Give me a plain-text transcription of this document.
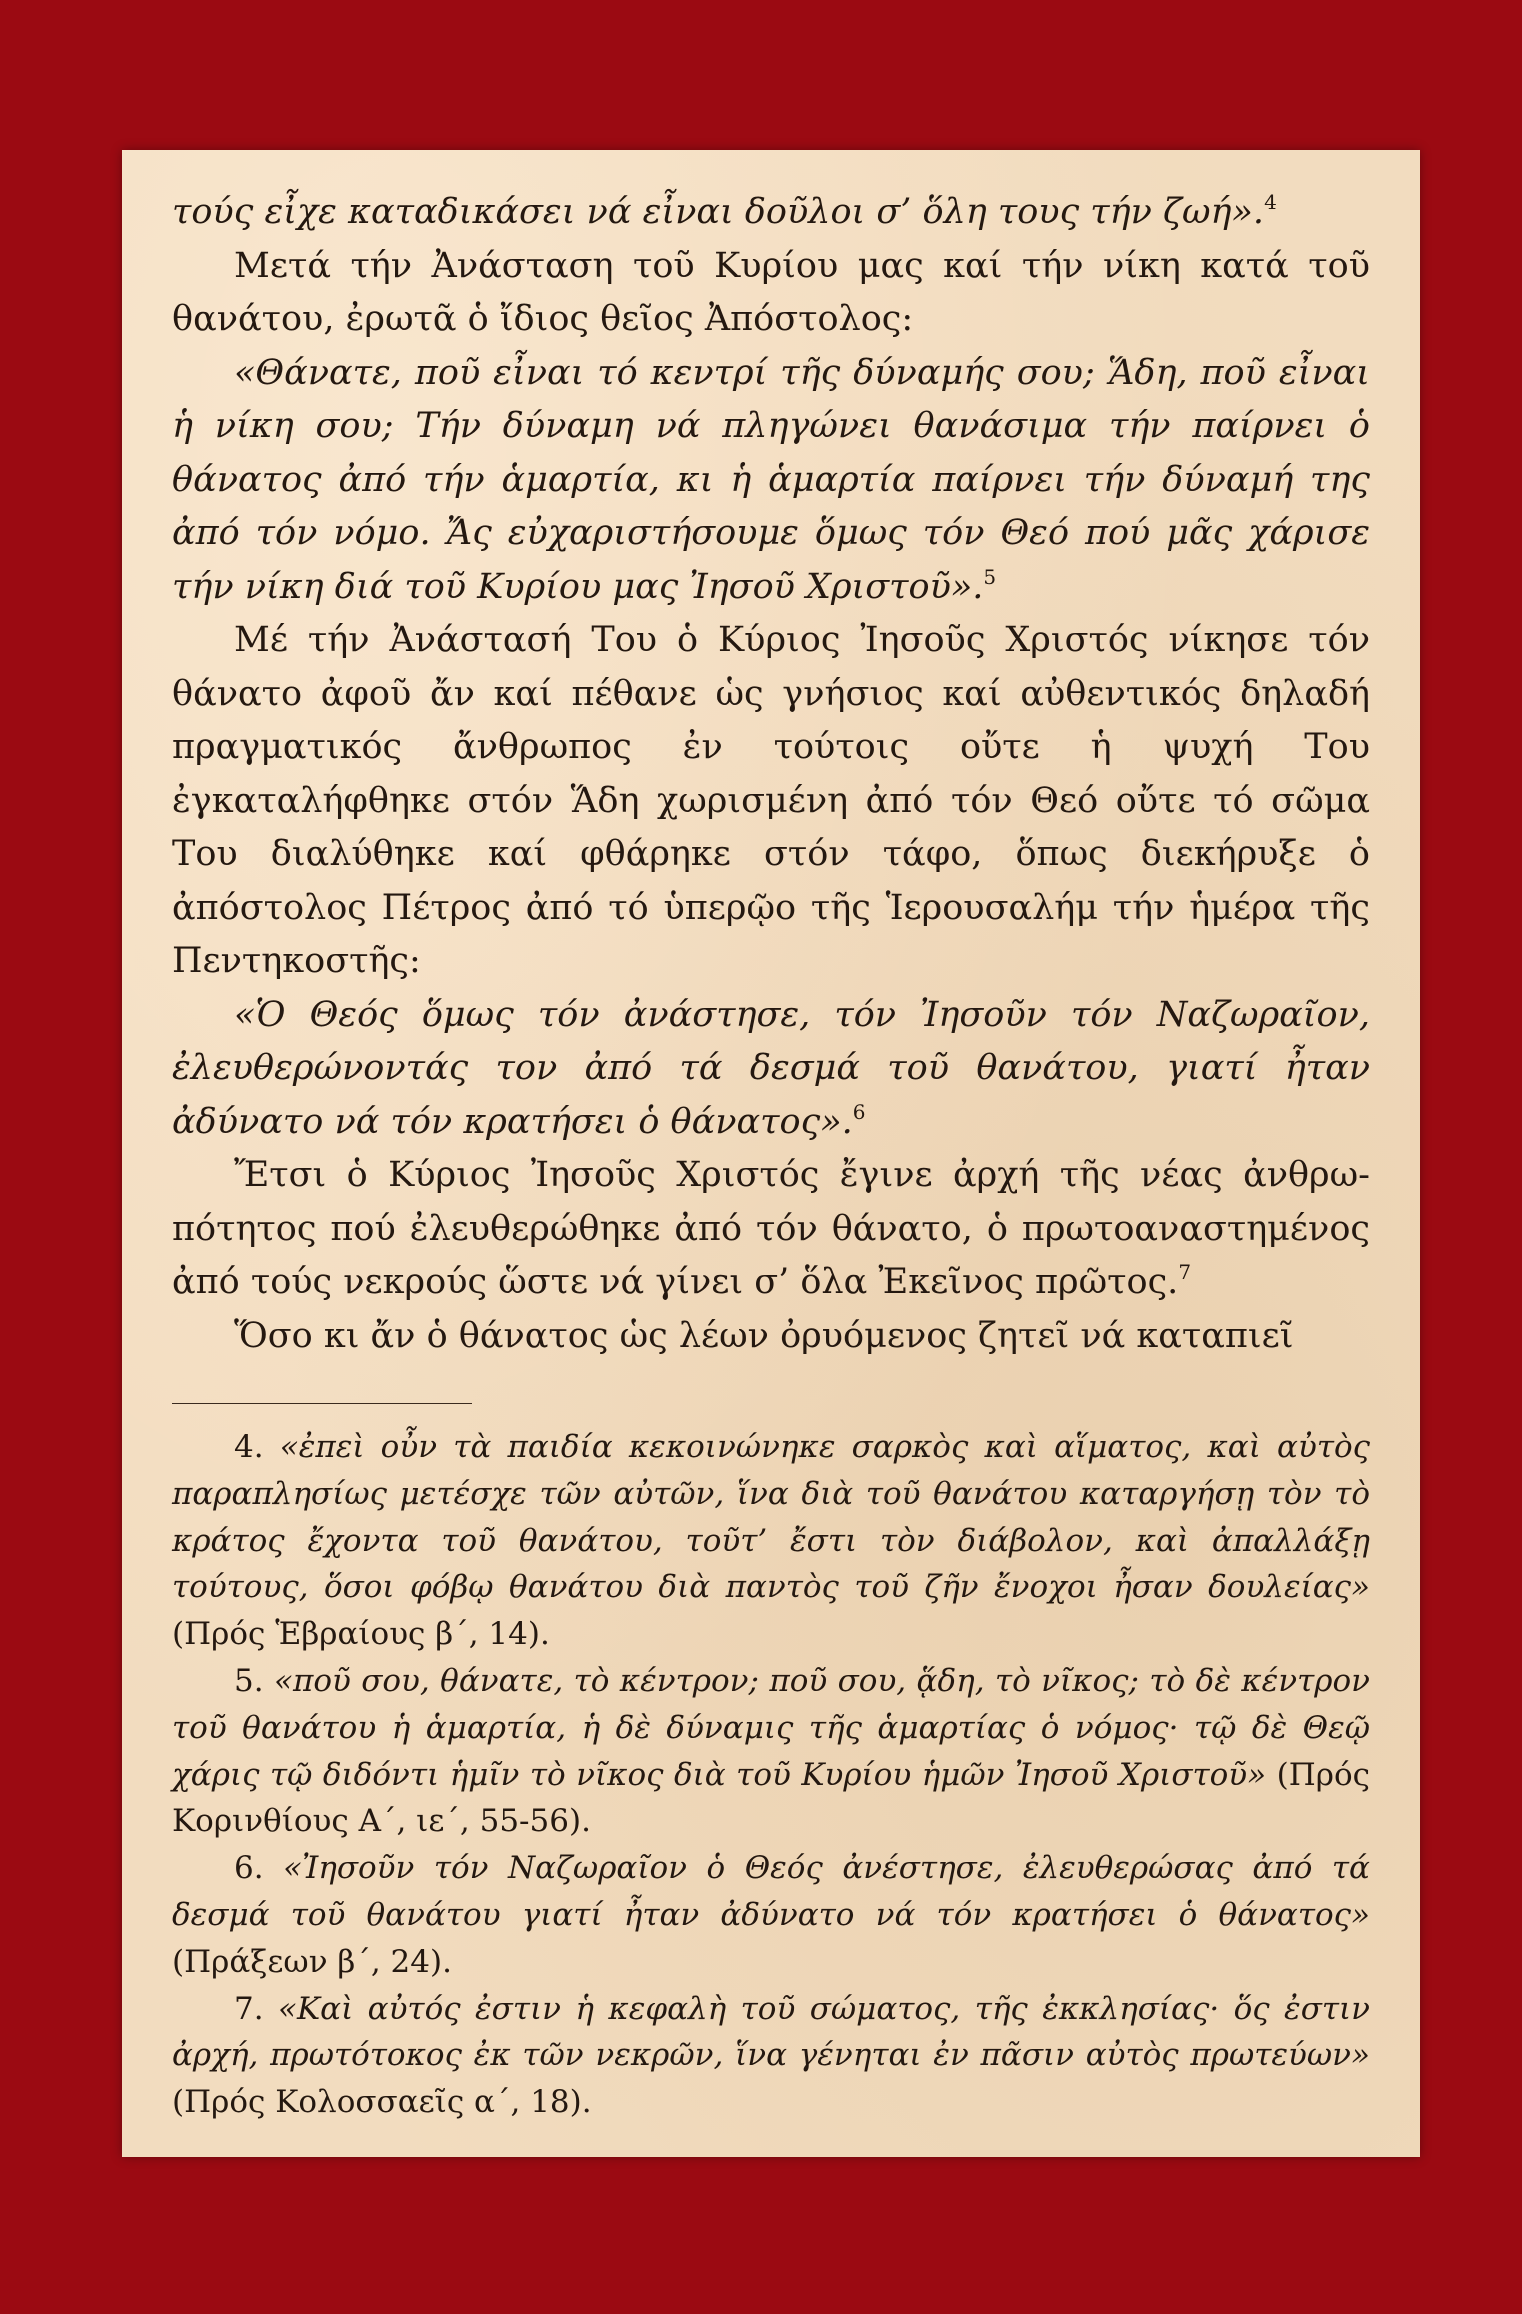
τούς εἶχε καταδικάσει νά εἶναι δοῦλοι σ’ ὅλη τους τήν ζωή».$^4$

Μετά τήν Ἀνάσταση τοῦ Κυρίου μας καί τήν νίκη κατά τοῦ θανάτου, ἐρωτᾶ ὁ ἴδιος θεῖος Ἀπόστολος:

«Θάνατε, ποῦ εἶναι τό κεντρί τῆς δύναμής σου; Ἅδη, ποῦ εἶναι ἡ νίκη σου; Τήν δύναμη νά πληγώνει θανάσιμα τήν παίρνει ὁ θάνατος ἀπό τήν ἁμαρτία, κι ἡ ἁμαρτία παίρνει τήν δύναμή της ἀπό τόν νόμο. Ἄς εὐχαριστήσουμε ὅμως τόν Θεό πού μᾶς χάρισε τήν νίκη διά τοῦ Κυρίου μας Ἰησοῦ Χριστοῦ».$^5$

Μέ τήν Ἀνάστασή Του ὁ Κύριος Ἰησοῦς Χριστός νίκησε τόν θάνατο ἀφοῦ ἄν καί πέθανε ὡς γνήσιος καί αὐθεντικός δηλαδή πραγματικός ἄνθρωπος ἐν τούτοις οὔτε ἡ ψυχή Του ἐγκαταλήφθηκε στόν Ἅδη χωρισμένη ἀπό τόν Θεό οὔτε τό σῶμα Του διαλύθηκε καί φθάρηκε στόν τάφο, ὅπως διεκήρυξε ὁ ἀπόστολος Πέτρος ἀπό τό ὑπερῷο τῆς Ἱερουσαλήμ τήν ἡμέρα τῆς Πεντηκοστῆς:

«Ὁ Θεός ὅμως τόν ἀνάστησε, τόν Ἰησοῦν τόν Ναζωραῖον, ἐλευθερώνοντάς τον ἀπό τά δεσμά τοῦ θανάτου, γιατί ἦταν ἀδύνατο νά τόν κρατήσει ὁ θάνατος».$^6$

Ἔτσι ὁ Κύριος Ἰησοῦς Χριστός ἔγινε ἀρχή τῆς νέας ἀνθρωπότητος πού ἐλευθερώθηκε ἀπό τόν θάνατο, ὁ πρωτοαναστημένος ἀπό τούς νεκρούς ὥστε νά γίνει σ’ ὅλα Ἐκεῖνος πρῶτος.$^7$

Ὅσο κι ἄν ὁ θάνατος ὡς λέων ὀρυόμενος ζητεῖ νά καταπιεῖ

4. «ἐπεὶ οὖν τὰ παιδία κεκοινώνηκε σαρκὸς καὶ αἵματος, καὶ αὐτὸς παραπλησίως μετέσχε τῶν αὐτῶν, ἵνα διὰ τοῦ θανάτου καταργήσῃ τὸν τὸ κράτος ἔχοντα τοῦ θανάτου, τοῦτ’ ἔστι τὸν διάβολον, καὶ ἀπαλλάξῃ τούτους, ὅσοι φόβῳ θανάτου διὰ παντὸς τοῦ ζῆν ἔνοχοι ἦσαν δουλείας» (Πρός Ἑβραίους β΄, 14).

5. «ποῦ σου, θάνατε, τὸ κέντρον; ποῦ σου, ᾅδη, τὸ νῖκος; τὸ δὲ κέντρον τοῦ θανάτου ἡ ἁμαρτία, ἡ δὲ δύναμις τῆς ἁμαρτίας ὁ νόμος· τῷ δὲ Θεῷ χάρις τῷ διδόντι ἡμῖν τὸ νῖκος διὰ τοῦ Κυρίου ἡμῶν Ἰησοῦ Χριστοῦ» (Πρός Κορινθίους Α΄, ιε΄, 55-56).

6. «Ἰησοῦν τόν Ναζωραῖον ὁ Θεός ἀνέστησε, ἐλευθερώσας ἀπό τά δεσμά τοῦ θανάτου γιατί ἦταν ἀδύνατο νά τόν κρατήσει ὁ θάνατος» (Πράξεων β΄, 24).

7. «Καὶ αὐτός ἐστιν ἡ κεφαλὴ τοῦ σώματος, τῆς ἐκκλησίας· ὅς ἐστιν ἀρχή, πρωτότοκος ἐκ τῶν νεκρῶν, ἵνα γένηται ἐν πᾶσιν αὐτὸς πρωτεύων» (Πρός Κολοσσαεῖς α΄, 18).
